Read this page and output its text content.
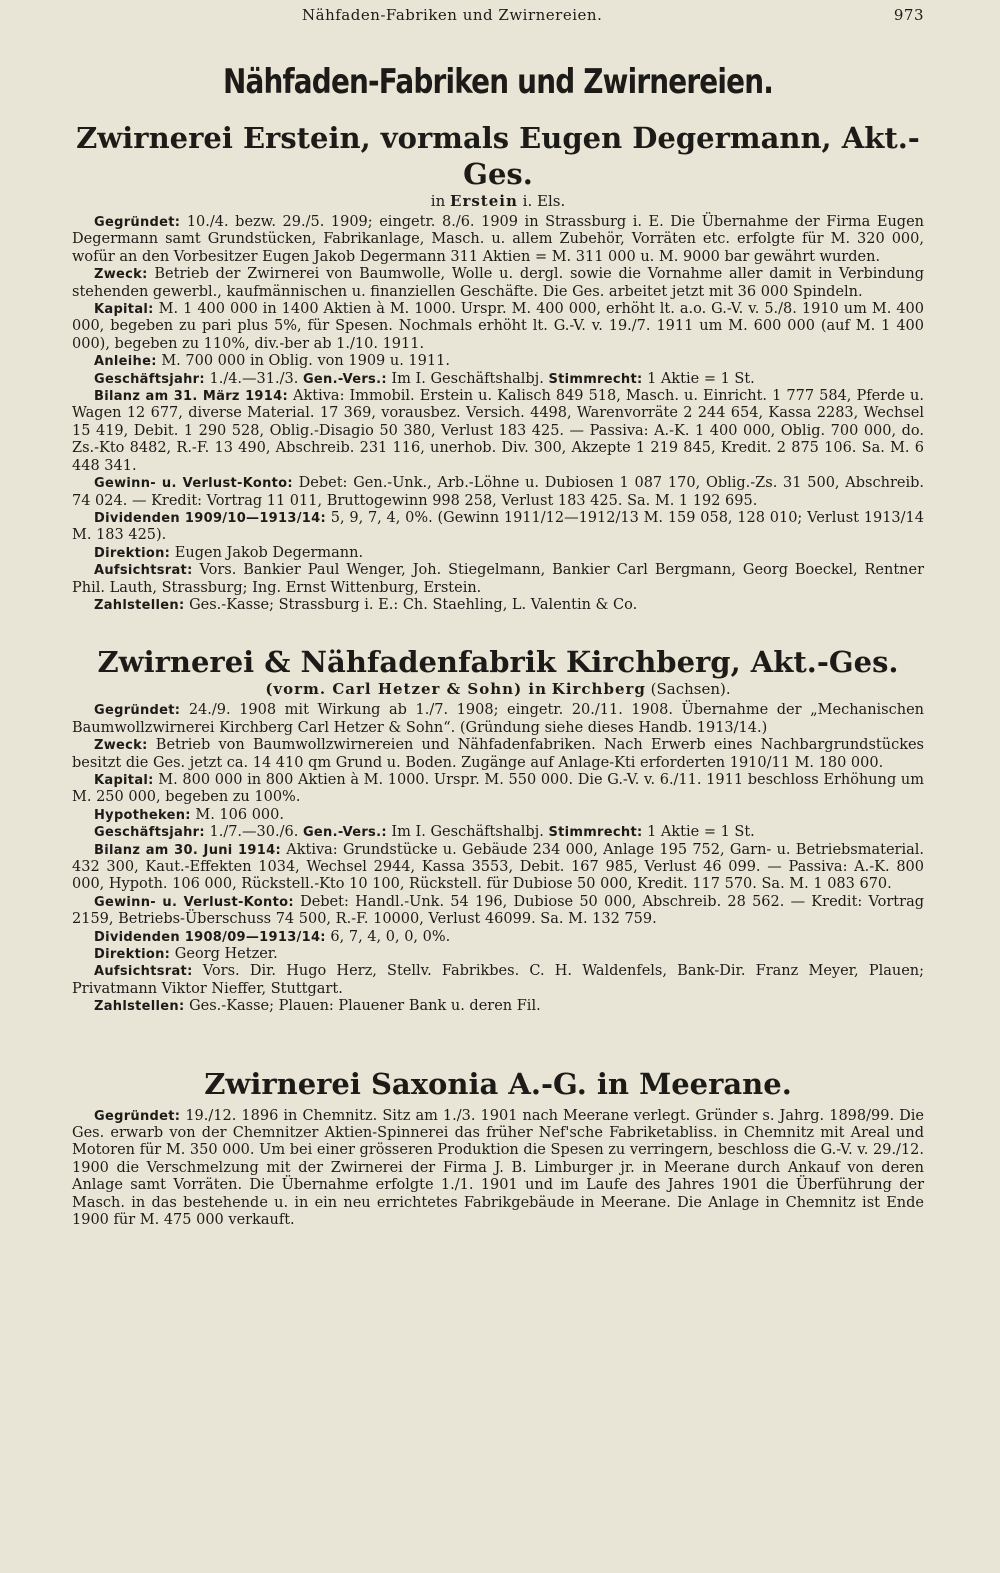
Nähfaden-Fabriken und Zwirnereien.	973
Nähfaden-Fabriken und Zwirnereien.
Zwirnerei Erstein, vormals Eugen Degermann, Akt.-Ges.
in Erstein i. Els.

Gegründet: 10./4. bezw. 29./5. 1909; eingetr. 8./6. 1909 in Strassburg i. E. Die Übernahme der Firma Eugen Degermann samt Grundstücken, Fabrikanlage, Masch. u. allem Zubehör, Vorräten etc. erfolgte für M. 320 000, wofür an den Vorbesitzer Eugen Jakob Degermann 311 Aktien = M. 311 000 u. M. 9000 bar gewährt wurden.

Zweck: Betrieb der Zwirnerei von Baumwolle, Wolle u. dergl. sowie die Vornahme aller damit in Verbindung stehenden gewerbl., kaufmännischen u. finanziellen Geschäfte. Die Ges. arbeitet jetzt mit 36 000 Spindeln.

Kapital: M. 1 400 000 in 1400 Aktien à M. 1000. Urspr. M. 400 000, erhöht lt. a.o. G.-V. v. 5./8. 1910 um M. 400 000, begeben zu pari plus 5%, für Spesen. Nochmals erhöht lt. G.-V. v. 19./7. 1911 um M. 600 000 (auf M. 1 400 000), begeben zu 110%, div.-ber ab 1./10. 1911.

Anleihe: M. 700 000 in Oblig. von 1909 u. 1911.

Geschäftsjahr: 1./4.—31./3. Gen.-Vers.: Im I. Geschäftshalbj. Stimmrecht: 1 Aktie = 1 St.

Bilanz am 31. März 1914: Aktiva: Immobil. Erstein u. Kalisch 849 518, Masch. u. Einricht. 1 777 584, Pferde u. Wagen 12 677, diverse Material. 17 369, vorausbez. Versich. 4498, Warenvorräte 2 244 654, Kassa 2283, Wechsel 15 419, Debit. 1 290 528, Oblig.-Disagio 50 380, Verlust 183 425. — Passiva: A.-K. 1 400 000, Oblig. 700 000, do. Zs.-Kto 8482, R.-F. 13 490, Abschreib. 231 116, unerhob. Div. 300, Akzepte 1 219 845, Kredit. 2 875 106. Sa. M. 6 448 341.

Gewinn- u. Verlust-Konto: Debet: Gen.-Unk., Arb.-Löhne u. Dubiosen 1 087 170, Oblig.-Zs. 31 500, Abschreib. 74 024. — Kredit: Vortrag 11 011, Bruttogewinn 998 258, Verlust 183 425. Sa. M. 1 192 695.

Dividenden 1909/10—1913/14: 5, 9, 7, 4, 0%. (Gewinn 1911/12—1912/13 M. 159 058, 128 010; Verlust 1913/14 M. 183 425).

Direktion: Eugen Jakob Degermann.

Aufsichtsrat: Vors. Bankier Paul Wenger, Joh. Stiegelmann, Bankier Carl Bergmann, Georg Boeckel, Rentner Phil. Lauth, Strassburg; Ing. Ernst Wittenburg, Erstein.

Zahlstellen: Ges.-Kasse; Strassburg i. E.: Ch. Staehling, L. Valentin & Co.

Zwirnerei & Nähfadenfabrik Kirchberg, Akt.-Ges.
(vorm. Carl Hetzer & Sohn) in Kirchberg (Sachsen).

Gegründet: 24./9. 1908 mit Wirkung ab 1./7. 1908; eingetr. 20./11. 1908. Übernahme der „Mechanischen Baumwollzwirnerei Kirchberg Carl Hetzer & Sohn“. (Gründung siehe dieses Handb. 1913/14.)

Zweck: Betrieb von Baumwollzwirnereien und Nähfadenfabriken. Nach Erwerb eines Nachbargrundstückes besitzt die Ges. jetzt ca. 14 410 qm Grund u. Boden. Zugänge auf Anlage-Kti erforderten 1910/11 M. 180 000.

Kapital: M. 800 000 in 800 Aktien à M. 1000. Urspr. M. 550 000. Die G.-V. v. 6./11. 1911 beschloss Erhöhung um M. 250 000, begeben zu 100%.

Hypotheken: M. 106 000.

Geschäftsjahr: 1./7.—30./6. Gen.-Vers.: Im I. Geschäftshalbj. Stimmrecht: 1 Aktie = 1 St.

Bilanz am 30. Juni 1914: Aktiva: Grundstücke u. Gebäude 234 000, Anlage 195 752, Garn- u. Betriebsmaterial. 432 300, Kaut.-Effekten 1034, Wechsel 2944, Kassa 3553, Debit. 167 985, Verlust 46 099. — Passiva: A.-K. 800 000, Hypoth. 106 000, Rückstell.-Kto 10 100, Rückstell. für Dubiose 50 000, Kredit. 117 570. Sa. M. 1 083 670.

Gewinn- u. Verlust-Konto: Debet: Handl.-Unk. 54 196, Dubiose 50 000, Abschreib. 28 562. — Kredit: Vortrag 2159, Betriebs-Überschuss 74 500, R.-F. 10000, Verlust 46099. Sa. M. 132 759.

Dividenden 1908/09—1913/14: 6, 7, 4, 0, 0, 0%.

Direktion: Georg Hetzer.

Aufsichtsrat: Vors. Dir. Hugo Herz, Stellv. Fabrikbes. C. H. Waldenfels, Bank-Dir. Franz Meyer, Plauen; Privatmann Viktor Nieffer, Stuttgart.

Zahlstellen: Ges.-Kasse; Plauen: Plauener Bank u. deren Fil.

Zwirnerei Saxonia A.-G. in Meerane.

Gegründet: 19./12. 1896 in Chemnitz. Sitz am 1./3. 1901 nach Meerane verlegt. Gründer s. Jahrg. 1898/99. Die Ges. erwarb von der Chemnitzer Aktien-Spinnerei das früher Nef'sche Fabriketabliss. in Chemnitz mit Areal und Motoren für M. 350 000. Um bei einer grösseren Produktion die Spesen zu verringern, beschloss die G.-V. v. 29./12. 1900 die Verschmelzung mit der Zwirnerei der Firma J. B. Limburger jr. in Meerane durch Ankauf von deren Anlage samt Vorräten. Die Übernahme erfolgte 1./1. 1901 und im Laufe des Jahres 1901 die Überführung der Masch. in das bestehende u. in ein neu errichtetes Fabrikgebäude in Meerane. Die Anlage in Chemnitz ist Ende 1900 für M. 475 000 verkauft.
